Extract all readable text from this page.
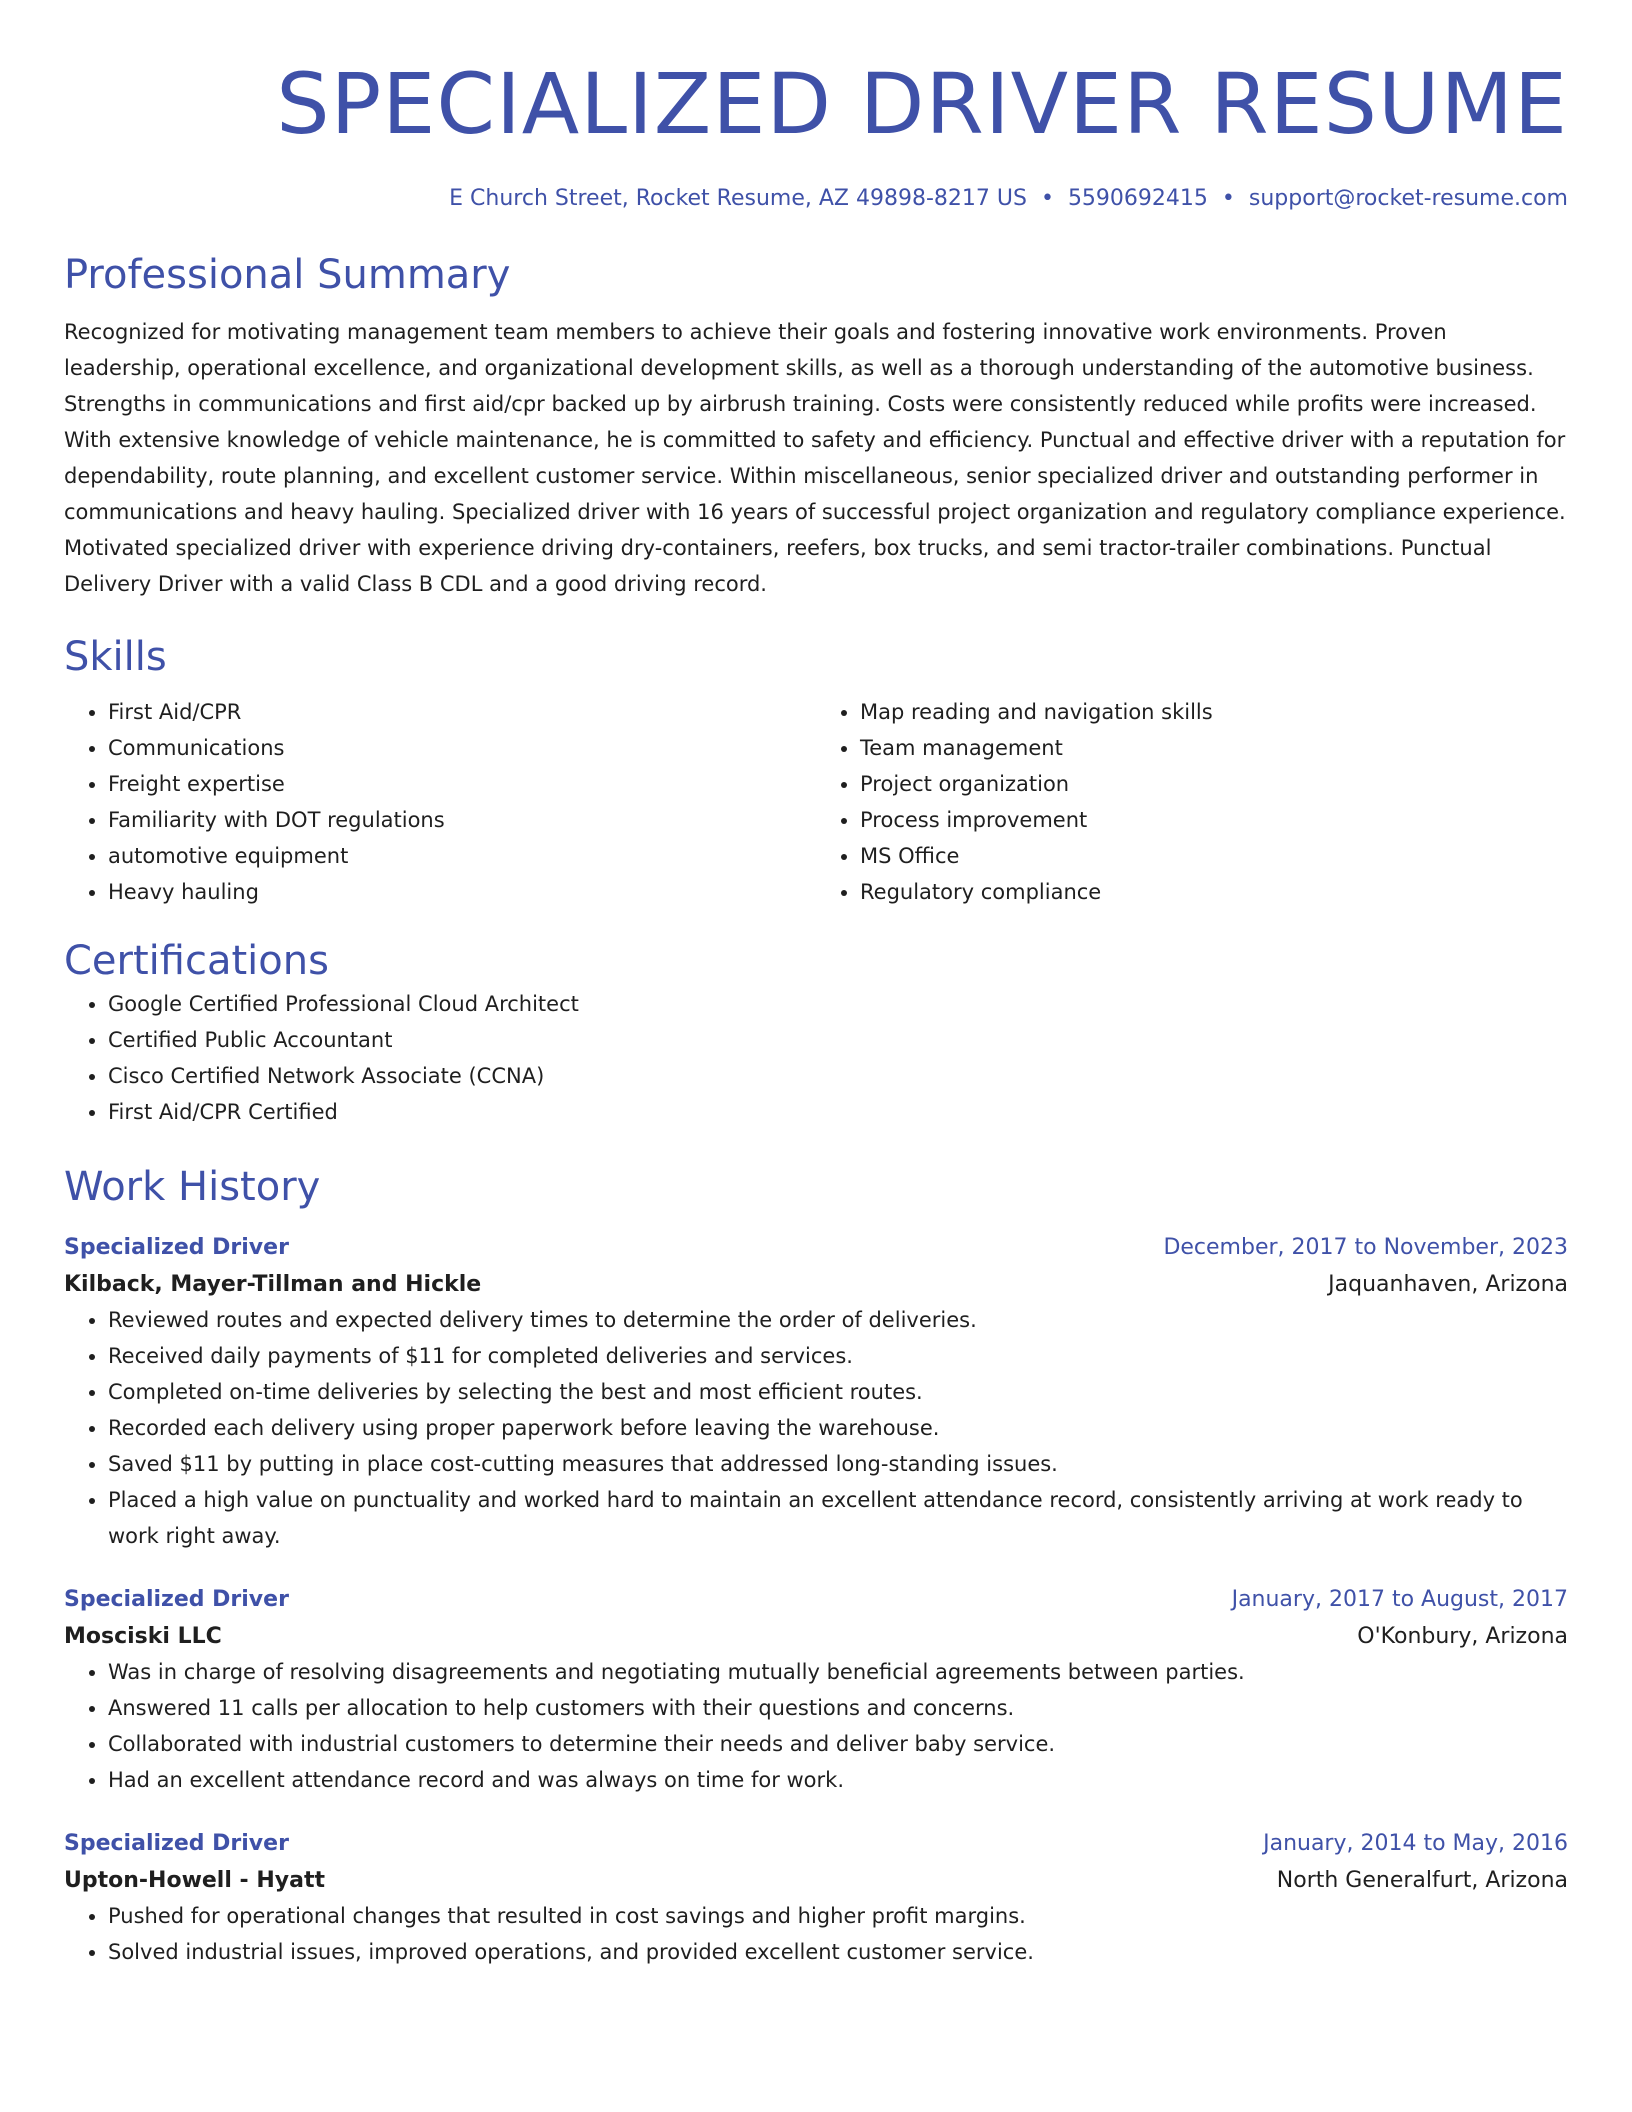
SPECIALIZED DRIVER RESUME
E Church Street, Rocket Resume, AZ 49898-8217 US • 5590692415 • support@rocket-resume.com
Professional Summary
Recognized for motivating management team members to achieve their goals and fostering innovative work environments. Proven leadership, operational excellence, and organizational development skills, as well as a thorough understanding of the automotive business. Strengths in communications and first aid/cpr backed up by airbrush training. Costs were consistently reduced while profits were increased. With extensive knowledge of vehicle maintenance, he is committed to safety and efficiency. Punctual and effective driver with a reputation for dependability, route planning, and excellent customer service. Within miscellaneous, senior specialized driver and outstanding performer in communications and heavy hauling. Specialized driver with 16 years of successful project organization and regulatory compliance experience. Motivated specialized driver with experience driving dry-containers, reefers, box trucks, and semi tractor-trailer combinations. Punctual Delivery Driver with a valid Class B CDL and a good driving record.
Skills
• First Aid/CPR
• Communications
• Freight expertise
• Familiarity with DOT regulations
• automotive equipment
• Heavy hauling
• Map reading and navigation skills
• Team management
• Project organization
• Process improvement
• MS Office
• Regulatory compliance
Certifications
• Google Certified Professional Cloud Architect
• Certified Public Accountant
• Cisco Certified Network Associate (CCNA)
• First Aid/CPR Certified
Work History
Specialized Driver	December, 2017 to November, 2023
Kilback, Mayer-Tillman and Hickle	Jaquanhaven, Arizona
• Reviewed routes and expected delivery times to determine the order of deliveries.
• Received daily payments of $11 for completed deliveries and services.
• Completed on-time deliveries by selecting the best and most efficient routes.
• Recorded each delivery using proper paperwork before leaving the warehouse.
• Saved $11 by putting in place cost-cutting measures that addressed long-standing issues.
• Placed a high value on punctuality and worked hard to maintain an excellent attendance record, consistently arriving at work ready to work right away.
Specialized Driver	January, 2017 to August, 2017
Mosciski LLC	O'Konbury, Arizona
• Was in charge of resolving disagreements and negotiating mutually beneficial agreements between parties.
• Answered 11 calls per allocation to help customers with their questions and concerns.
• Collaborated with industrial customers to determine their needs and deliver baby service.
• Had an excellent attendance record and was always on time for work.
Specialized Driver	January, 2014 to May, 2016
Upton-Howell - Hyatt	North Generalfurt, Arizona
• Pushed for operational changes that resulted in cost savings and higher profit margins.
• Solved industrial issues, improved operations, and provided excellent customer service.
